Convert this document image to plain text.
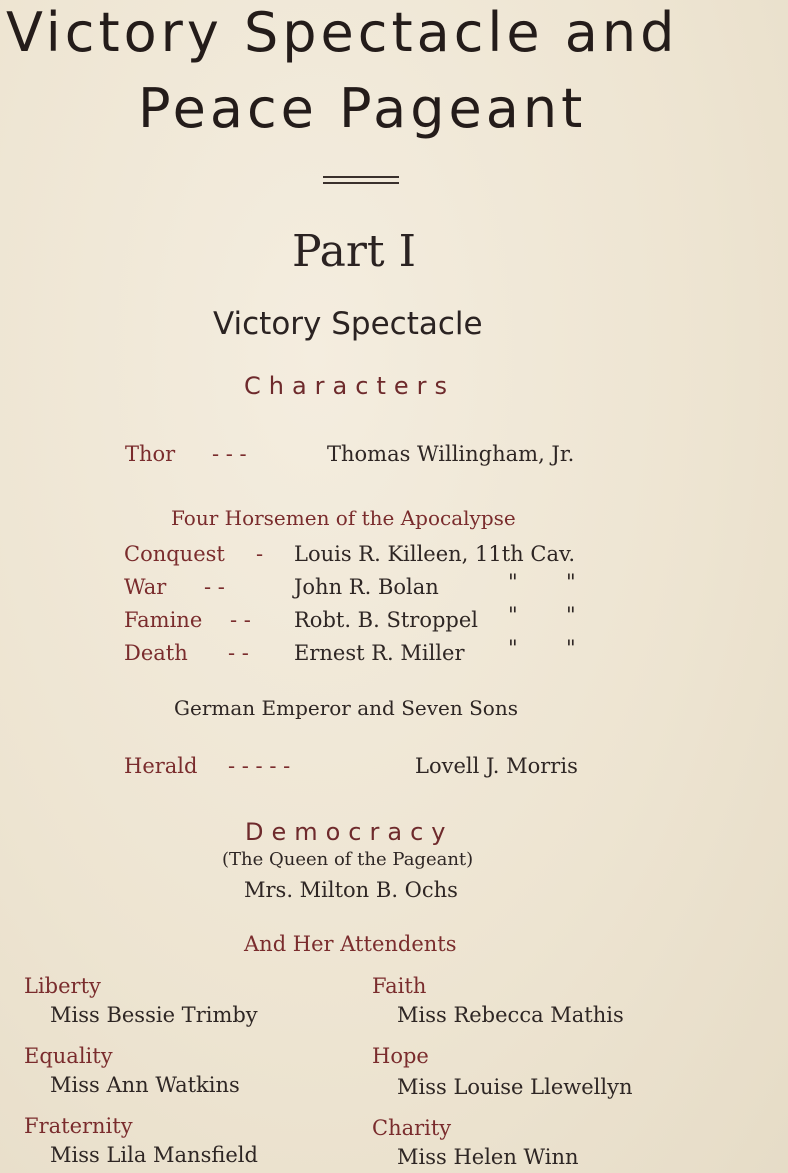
Victory Spectacle and
Peace Pageant
Part I
Victory Spectacle
Characters
Thor - - -	Thomas Willingham, Jr.
Four Horsemen of the Apocalypse
Conquest - Louis R. Killeen, 11th Cav.
War - -	John R. Bolan	" "
Famine - - Robt. B. Stroppel " "
Death - - Ernest R. Miller " "
German Emperor and Seven Sons
Herald - - - - -	Lovell J. Morris
Democracy
(The Queen of the Pageant)
Mrs. Milton B. Ochs
And Her Attendents
Liberty
Miss Bessie Trimby
Equality
Miss Ann Watkins
Fraternity
Miss Lila Mansfield
Faith
Miss Rebecca Mathis
Hope
Miss Louise Llewellyn
Charity
Miss Helen Winn
